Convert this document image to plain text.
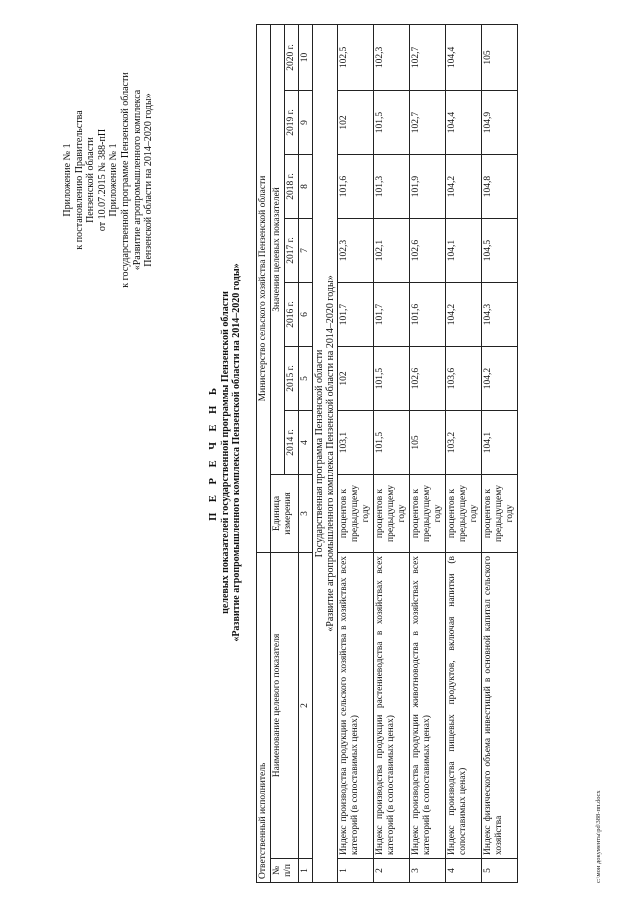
Приложение № 1 к постановлению Правительства Пензенской области от 10.07.2015 № 388-пП Приложение № 1 к государственной программе Пензенской области «Развитие агропромышленного комплекса Пензенской области на 2014–2020 годы»
П Е Р Е Ч Е Н Ь целевых показателей государственной программы Пензенской области «Развитие агропромышленного комплекса Пензенской области на 2014–2020 годы»
Ответственный исполнитель		Министерство сельского хозяйства Пензенской области							
№ п/п	Наименование целевого показателя	Единица измерения	Значения целевых показателей						
			2014 г.	2015 г.	2016 г.	2017 г.	2018 г.	2019 г.	2020 г.
1	2	3	4	5	6	7	8	9	10

Государственная программа Пензенской области «Развитие агропромышленного комплекса Пензенской области на 2014–2020 годы»									

1	Индекс производства продукции сельского хозяйства в хозяйствах всех категорий (в сопоставимых ценах)	процентов к предыдущему году	103,1	102	101,7	102,3	101,6	102	102,5
2	Индекс производства продукции растениеводства в хозяйствах всех категорий (в сопоставимых ценах)	процентов к предыдущему году	101,5	101,5	101,7	102,1	101,3	101,5	102,3
3	Индекс производства продукции животноводства в хозяйствах всех категорий (в сопоставимых ценах)	процентов к предыдущему году	105	102,6	101,6	102,6	101,9	102,7	102,7
4	Индекс производства пищевых продуктов, включая напитки (в сопоставимых ценах)	процентов к предыдущему году	103,2	103,6	104,2	104,1	104,2	104,4	104,4
5	Индекс физического объема инвестиций в основной капитал сельского хозяйства	процентов к предыдущему году	104,1	104,2	104,3	104,5	104,8	104,9	105
c:\мои документы\pd\388-пп.docx
